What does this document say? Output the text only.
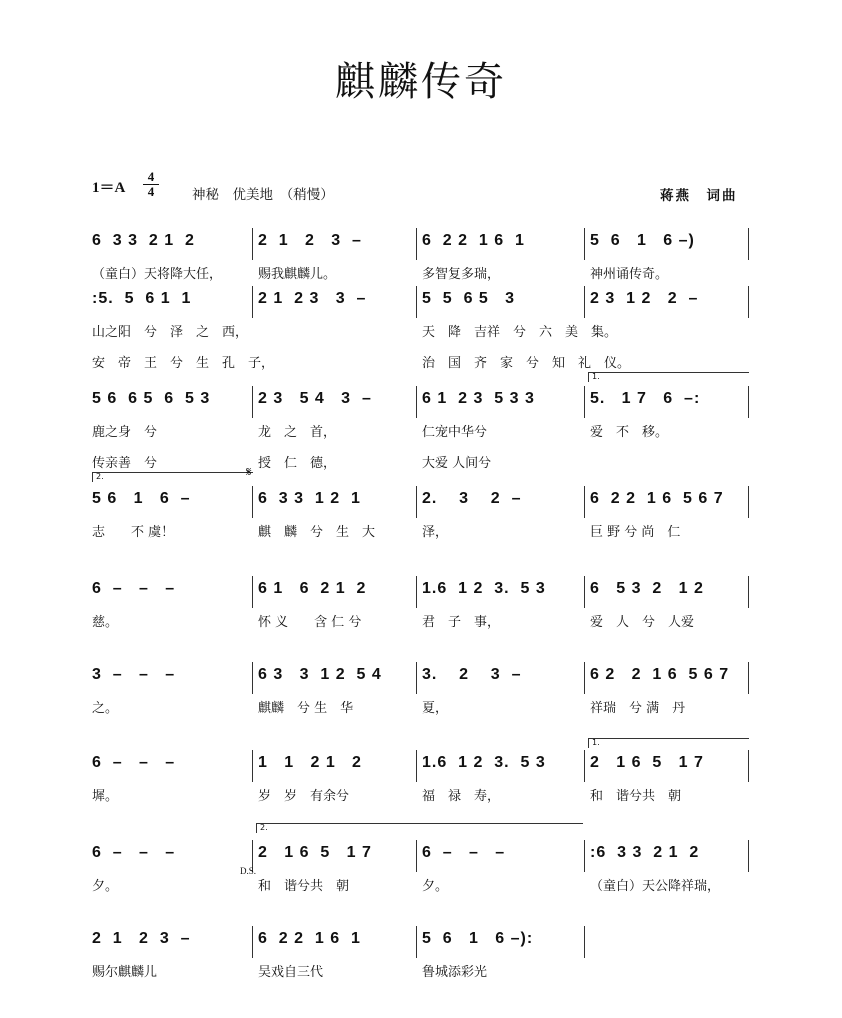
麒麟传奇
1＝A
4
4	神秘　优美地　（稍慢）	蒋燕　词曲
6  3 3  2 1  2	2  1   2   3  –	6  2 2  1 6  1	5  6   1   6 –)
（童白）天将降大任，	赐我麒麟儿。	多智复多瑞，	神州诵传奇。
:5.  5  6 1  1	2 1  2 3   3  –	5  5  6 5   3	2 3  1 2   2  –
山之阳　兮　泽　之　西，	天　降　吉祥　兮　六　美　集。
安　帝　王　兮　生　孔　子，	治　国　齐　家　兮　知　礼　仪。
5 6  6 5  6  5 3	2 3   5 4   3  –	6 1  2 3  5 3 3	5.   1 7   6  –:
鹿之身　兮	龙　之　首，	仁宠中华兮	爱　不　移。
传亲善　兮	授　仁　德，	大爱 人间兮
5 6   1   6  –	6  3 3  1 2  1	2.    3    2  –	6  2 2  1 6  5 6 7
志　　不 虞！	麒　麟　兮　生　大	泽，	巨 野 兮 尚　仁
6  –   –   –	6 1   6  2 1  2	1.6  1 2  3.  5 3	6   5 3  2   1 2
慈。	怀 义　　含 仁 兮	君　子　事，	爱　人　兮　人爱
3  –   –   –	6 3   3  1 2  5 4	3.    2    3  –	6 2   2  1 6  5 6 7
之。	麒麟　兮 生　华	夏，	祥瑞　兮 满　丹
6  –   –   –	1   1   2 1   2	1.6  1 2  3.  5 3	2   1 6  5   1 7
墀。	岁　岁　有余兮	福　禄　寿，	和　谐兮共　朝
6  –   –   –	2   1 6  5   1 7	6  –   –   –	:6  3 3  2 1  2
夕。	和　谐兮共　朝	夕。	（童白）天公降祥瑞，
2  1   2  3  –	6  2 2  1 6  1	5  6   1   6 –):
赐尔麒麟儿	吴戏自三代	鲁城添彩光
1.
2.
1.
2.
D.S.
𝄋
